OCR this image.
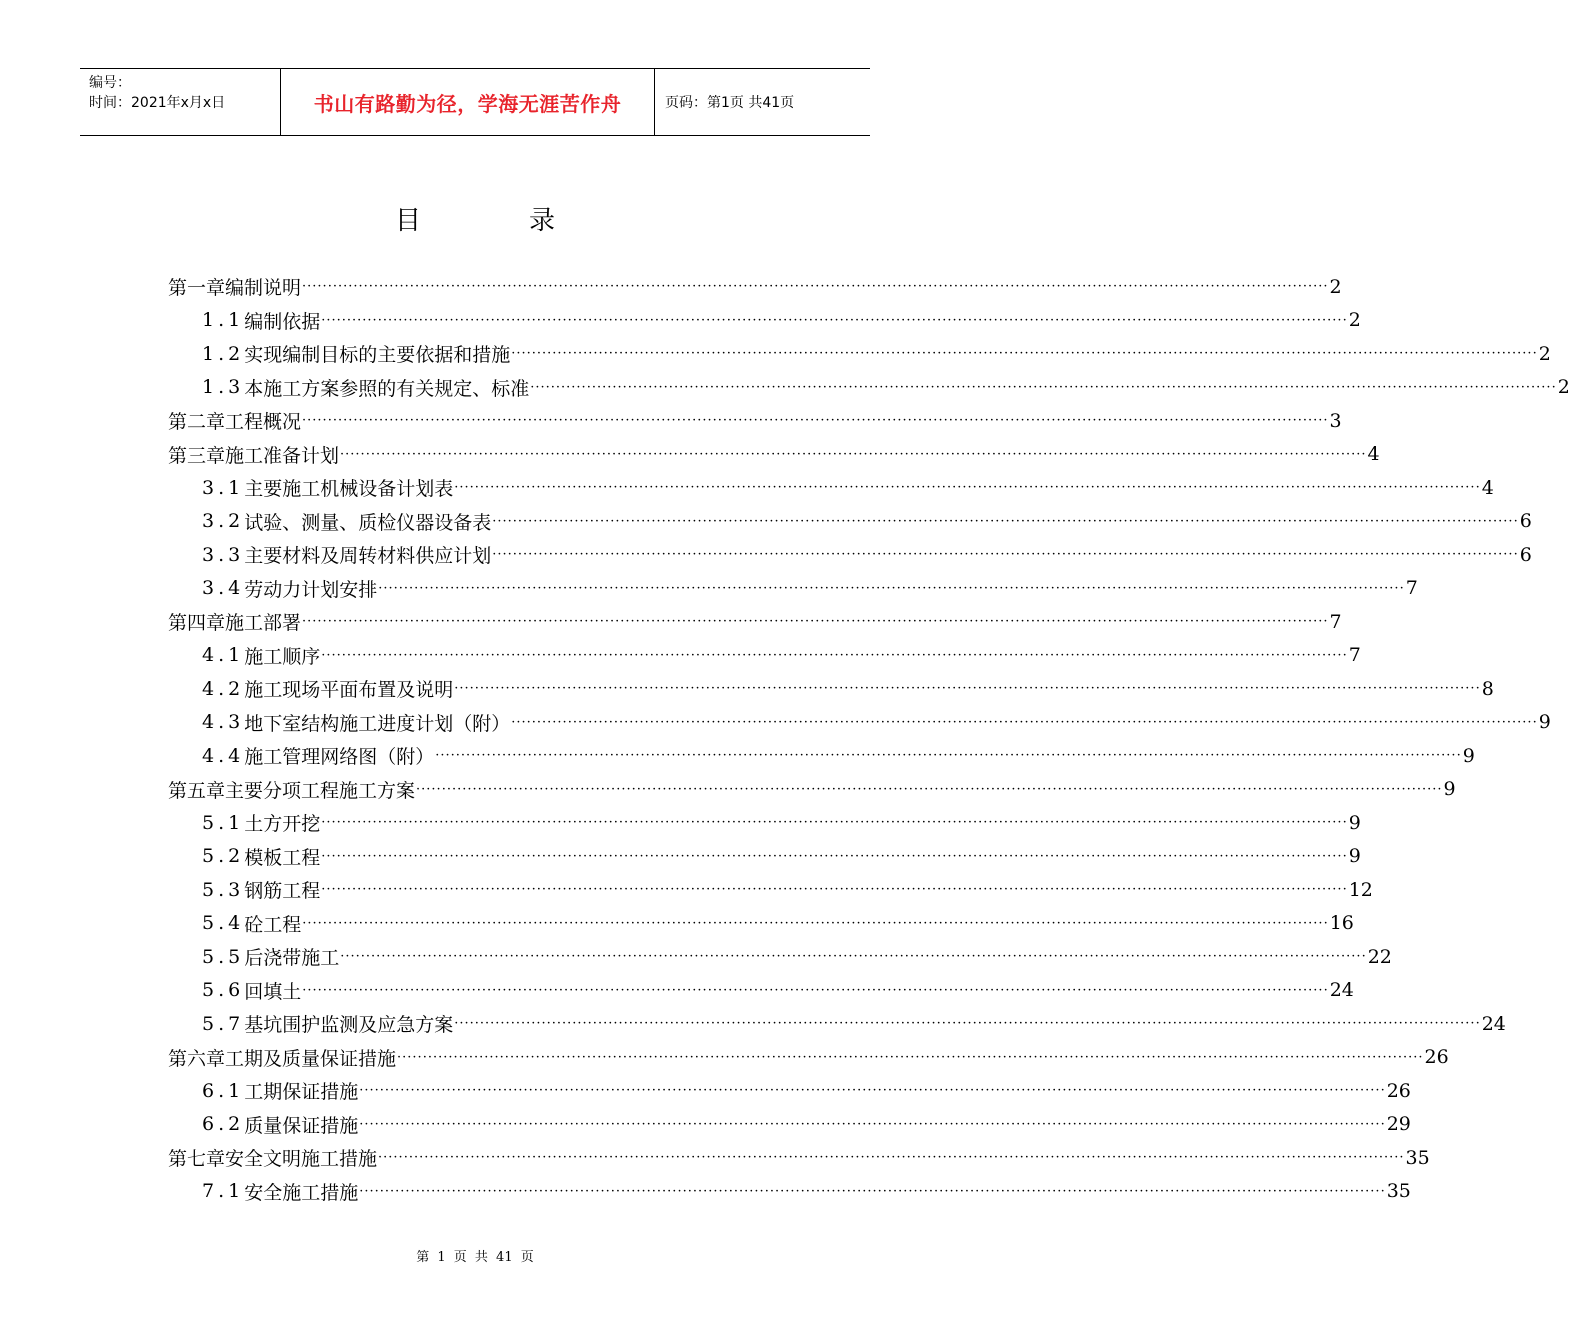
编号：
时间：2021年x月x日	书山有路勤为径，学海无涯苦作舟	页码：第1页 共41页
目录
第一章 编制说明 ········································································································································································································ 2
1.1 编制依据 ········································································································································································································ 2
1.2 实现编制目标的主要依据和措施 ········································································································································································································ 2
1.3 本施工方案参照的有关规定、标准 ········································································································································································································ 2
第二章 工程概况 ········································································································································································································ 3
第三章 施工准备计划 ········································································································································································································ 4
3.1 主要施工机械设备计划表 ········································································································································································································ 4
3.2 试验、测量、质检仪器设备表 ········································································································································································································ 6
3.3 主要材料及周转材料供应计划 ········································································································································································································ 6
3.4 劳动力计划安排 ········································································································································································································ 7
第四章 施工部署 ········································································································································································································ 7
4.1 施工顺序 ········································································································································································································ 7
4.2 施工现场平面布置及说明 ········································································································································································································ 8
4.3 地下室结构施工进度计划（附） ········································································································································································································ 9
4.4 施工管理网络图（附） ········································································································································································································ 9
第五章 主要分项工程施工方案 ········································································································································································································ 9
5.1 土方开挖 ········································································································································································································ 9
5.2 模板工程 ········································································································································································································ 9
5.3 钢筋工程 ········································································································································································································ 12
5.4 砼工程 ········································································································································································································ 16
5.5 后浇带施工 ········································································································································································································ 22
5.6 回填土 ········································································································································································································ 24
5.7 基坑围护监测及应急方案 ········································································································································································································ 24
第六章 工期及质量保证措施 ········································································································································································································ 26
6.1 工期保证措施 ········································································································································································································ 26
6.2 质量保证措施 ········································································································································································································ 29
第七章 安全文明施工措施 ········································································································································································································ 35
7.1 安全施工措施 ········································································································································································································ 35
第 1 页 共 41 页
